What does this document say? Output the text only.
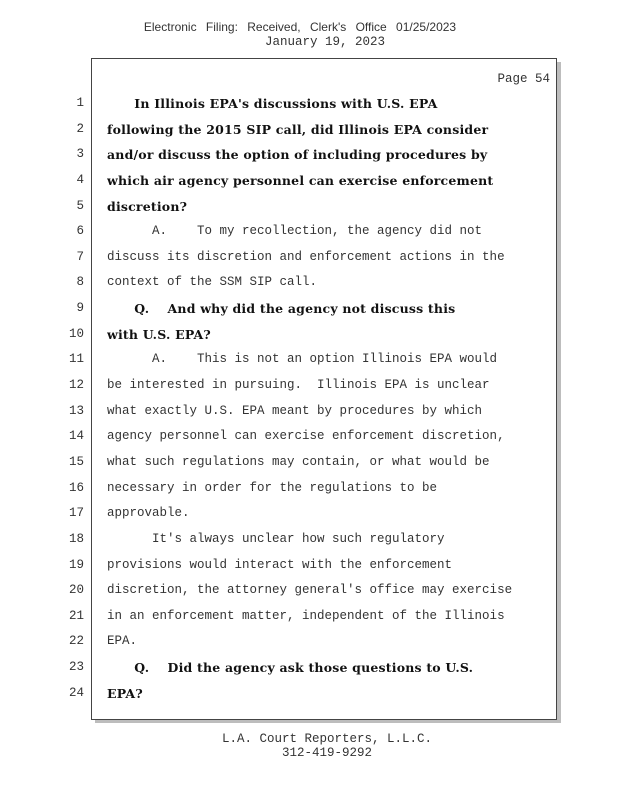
Electronic Filing: Received, Clerk's Office 01/25/2023
January 19, 2023
Page 54
1
2
3
4
5
6
7
8
9
10
11
12
13
14
15
16
17
18
19
20
21
22
23
24
In Illinois EPA's discussions with U.S. EPA
following the 2015 SIP call, did Illinois EPA consider
and/or discuss the option of including procedures by
which air agency personnel can exercise enforcement
discretion?
A.    To my recollection, the agency did not
discuss its discretion and enforcement actions in the
context of the SSM SIP call.
Q.    And why did the agency not discuss this
with U.S. EPA?
A.    This is not an option Illinois EPA would
be interested in pursuing.  Illinois EPA is unclear
what exactly U.S. EPA meant by procedures by which
agency personnel can exercise enforcement discretion,
what such regulations may contain, or what would be
necessary in order for the regulations to be
approvable.
It's always unclear how such regulatory
provisions would interact with the enforcement
discretion, the attorney general's office may exercise
in an enforcement matter, independent of the Illinois
EPA.
Q.    Did the agency ask those questions to U.S.
EPA?
L.A. Court Reporters, L.L.C.
312-419-9292
